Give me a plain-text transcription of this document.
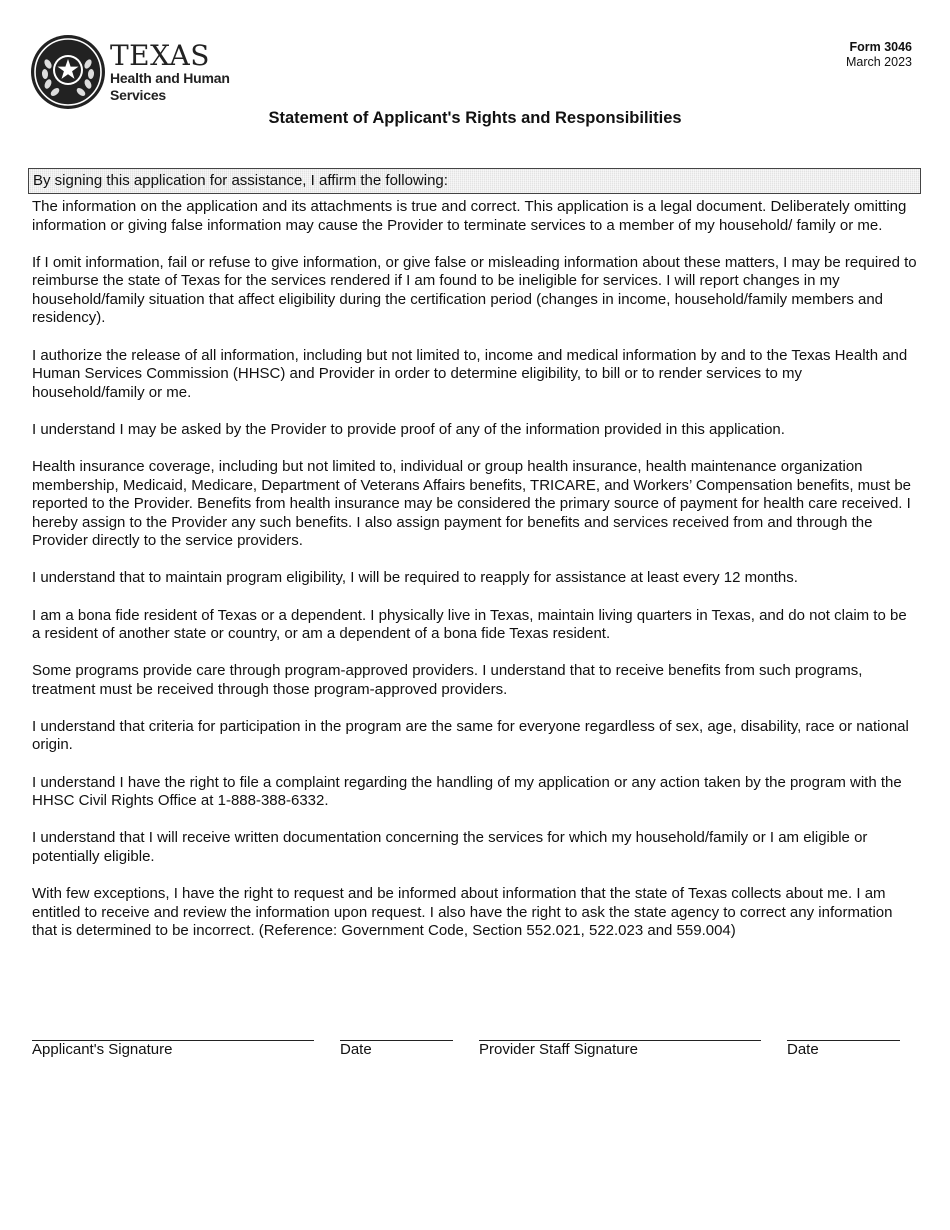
TEXAS
Health and Human
Services
Form 3046
March 2023
Statement of Applicant's Rights and Responsibilities
By signing this application for assistance, I affirm the following:

The information on the application and its attachments is true and correct. This application is a legal document. Deliberately omitting information or giving false information may cause the Provider to terminate services to a member of my household/ family or me.

If I omit information, fail or refuse to give information, or give false or misleading information about these matters, I may be required to reimburse the state of Texas for the services rendered if I am found to be ineligible for services. I will report changes in my household/family situation that affect eligibility during the certification period (changes in income, household/family members and residency).

I authorize the release of all information, including but not limited to, income and medical information by and to the Texas Health and Human Services Commission (HHSC) and Provider in order to determine eligibility, to bill or to render services to my household/family or me.

I understand I may be asked by the Provider to provide proof of any of the information provided in this application.

Health insurance coverage, including but not limited to, individual or group health insurance, health maintenance organization membership, Medicaid, Medicare, Department of Veterans Affairs benefits, TRICARE, and Workers’ Compensation benefits, must be reported to the Provider. Benefits from health insurance may be considered the primary source of payment for health care received. I hereby assign to the Provider any such benefits. I also assign payment for benefits and services received from and through the Provider directly to the service providers.

I understand that to maintain program eligibility, I will be required to reapply for assistance at least every 12 months.

I am a bona fide resident of Texas or a dependent. I physically live in Texas, maintain living quarters in Texas, and do not claim to be a resident of another state or country, or am a dependent of a bona fide Texas resident.

Some programs provide care through program-approved providers. I understand that to receive benefits from such programs, treatment must be received through those program-approved providers.

I understand that criteria for participation in the program are the same for everyone regardless of sex, age, disability, race or national origin.

I understand I have the right to file a complaint regarding the handling of my application or any action taken by the program with the HHSC Civil Rights Office at 1-888-388-6332.

I understand that I will receive written documentation concerning the services for which my household/family or I am eligible or potentially eligible.

With few exceptions, I have the right to request and be informed about information that the state of Texas collects about me. I am entitled to receive and review the information upon request. I also have the right to ask the state agency to correct any information that is determined to be incorrect. (Reference: Government Code, Section 552.021, 522.023 and 559.004)

Applicant's Signature	Date	Provider Staff Signature	Date
